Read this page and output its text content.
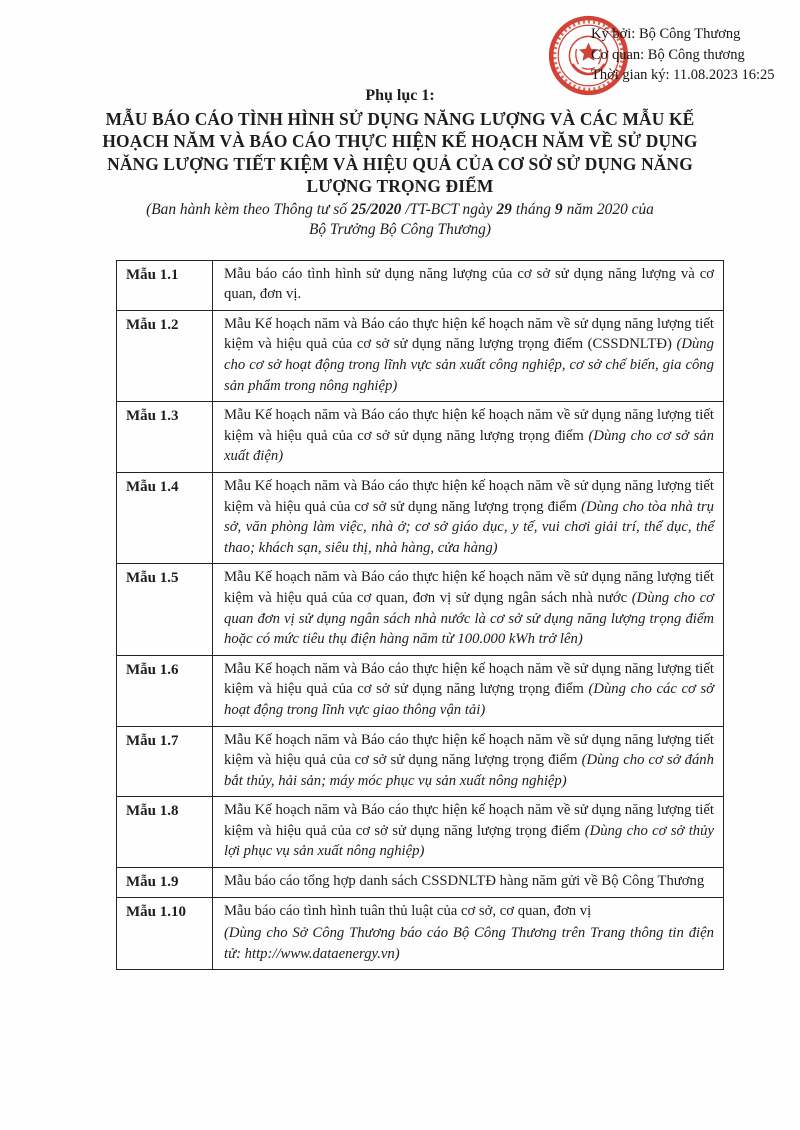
Ký bởi: Bộ Công Thương
Cơ quan: Bộ Công thương
Thời gian ký: 11.08.2023 16:25
Phụ lục 1:
MẪU BÁO CÁO TÌNH HÌNH SỬ DỤNG NĂNG LƯỢNG VÀ CÁC MẪU KẾ
HOẠCH NĂM VÀ BÁO CÁO THỰC HIỆN KẾ HOẠCH NĂM VỀ SỬ DỤNG
NĂNG LƯỢNG TIẾT KIỆM VÀ HIỆU QUẢ CỦA CƠ SỞ SỬ DỤNG NĂNG
LƯỢNG TRỌNG ĐIỂM
(Ban hành kèm theo Thông tư số 25/2020 /TT-BCT ngày 29 tháng 9 năm 2020 của
Bộ Trưởng Bộ Công Thương)
Mẫu 1.1	Mẫu báo cáo tình hình sử dụng năng lượng của cơ sở sử dụng năng lượng và cơ quan, đơn vị.
Mẫu 1.2	Mẫu Kế hoạch năm và Báo cáo thực hiện kế hoạch năm về sử dụng năng lượng tiết kiệm và hiệu quả của cơ sở sử dụng năng lượng trọng điểm (CSSDNLTĐ) (Dùng cho cơ sở hoạt động trong lĩnh vực sản xuất công nghiệp, cơ sở chế biến, gia công sản phẩm trong nông nghiệp)
Mẫu 1.3	Mẫu Kế hoạch năm và Báo cáo thực hiện kế hoạch năm về sử dụng năng lượng tiết kiệm và hiệu quả của cơ sở sử dụng năng lượng trọng điểm (Dùng cho cơ sở sản xuất điện)
Mẫu 1.4	Mẫu Kế hoạch năm và Báo cáo thực hiện kế hoạch năm về sử dụng năng lượng tiết kiệm và hiệu quả của cơ sở sử dụng năng lượng trọng điểm (Dùng cho tòa nhà trụ sở, văn phòng làm việc, nhà ở; cơ sở giáo dục, y tế, vui chơi giải trí, thể dục, thể thao; khách sạn, siêu thị, nhà hàng, cửa hàng)
Mẫu 1.5	Mẫu Kế hoạch năm và Báo cáo thực hiện kế hoạch năm về sử dụng năng lượng tiết kiệm và hiệu quả của cơ quan, đơn vị sử dụng ngân sách nhà nước (Dùng cho cơ quan đơn vị sử dụng ngân sách nhà nước là cơ sở sử dụng năng lượng trọng điểm hoặc có mức tiêu thụ điện hàng năm từ 100.000 kWh trở lên)
Mẫu 1.6	Mẫu Kế hoạch năm và Báo cáo thực hiện kế hoạch năm về sử dụng năng lượng tiết kiệm và hiệu quả của cơ sở sử dụng năng lượng trọng điểm (Dùng cho các cơ sở hoạt động trong lĩnh vực giao thông vận tải)
Mẫu 1.7	Mẫu Kế hoạch năm và Báo cáo thực hiện kế hoạch năm về sử dụng năng lượng tiết kiệm và hiệu quả của cơ sở sử dụng năng lượng trọng điểm (Dùng cho cơ sở đánh bắt thủy, hải sản; máy móc phục vụ sản xuất nông nghiệp)
Mẫu 1.8	Mẫu Kế hoạch năm và Báo cáo thực hiện kế hoạch năm về sử dụng năng lượng tiết kiệm và hiệu quả của cơ sở sử dụng năng lượng trọng điểm (Dùng cho cơ sở thủy lợi phục vụ sản xuất nông nghiệp)
Mẫu 1.9	Mẫu báo cáo tổng hợp danh sách CSSDNLTĐ hàng năm gửi về Bộ Công Thương
Mẫu 1.10	Mẫu báo cáo tình hình tuân thủ luật của cơ sở, cơ quan, đơn vị
(Dùng cho Sở Công Thương báo cáo Bộ Công Thương trên Trang thông tin điện tử: http://www.dataenergy.vn)
